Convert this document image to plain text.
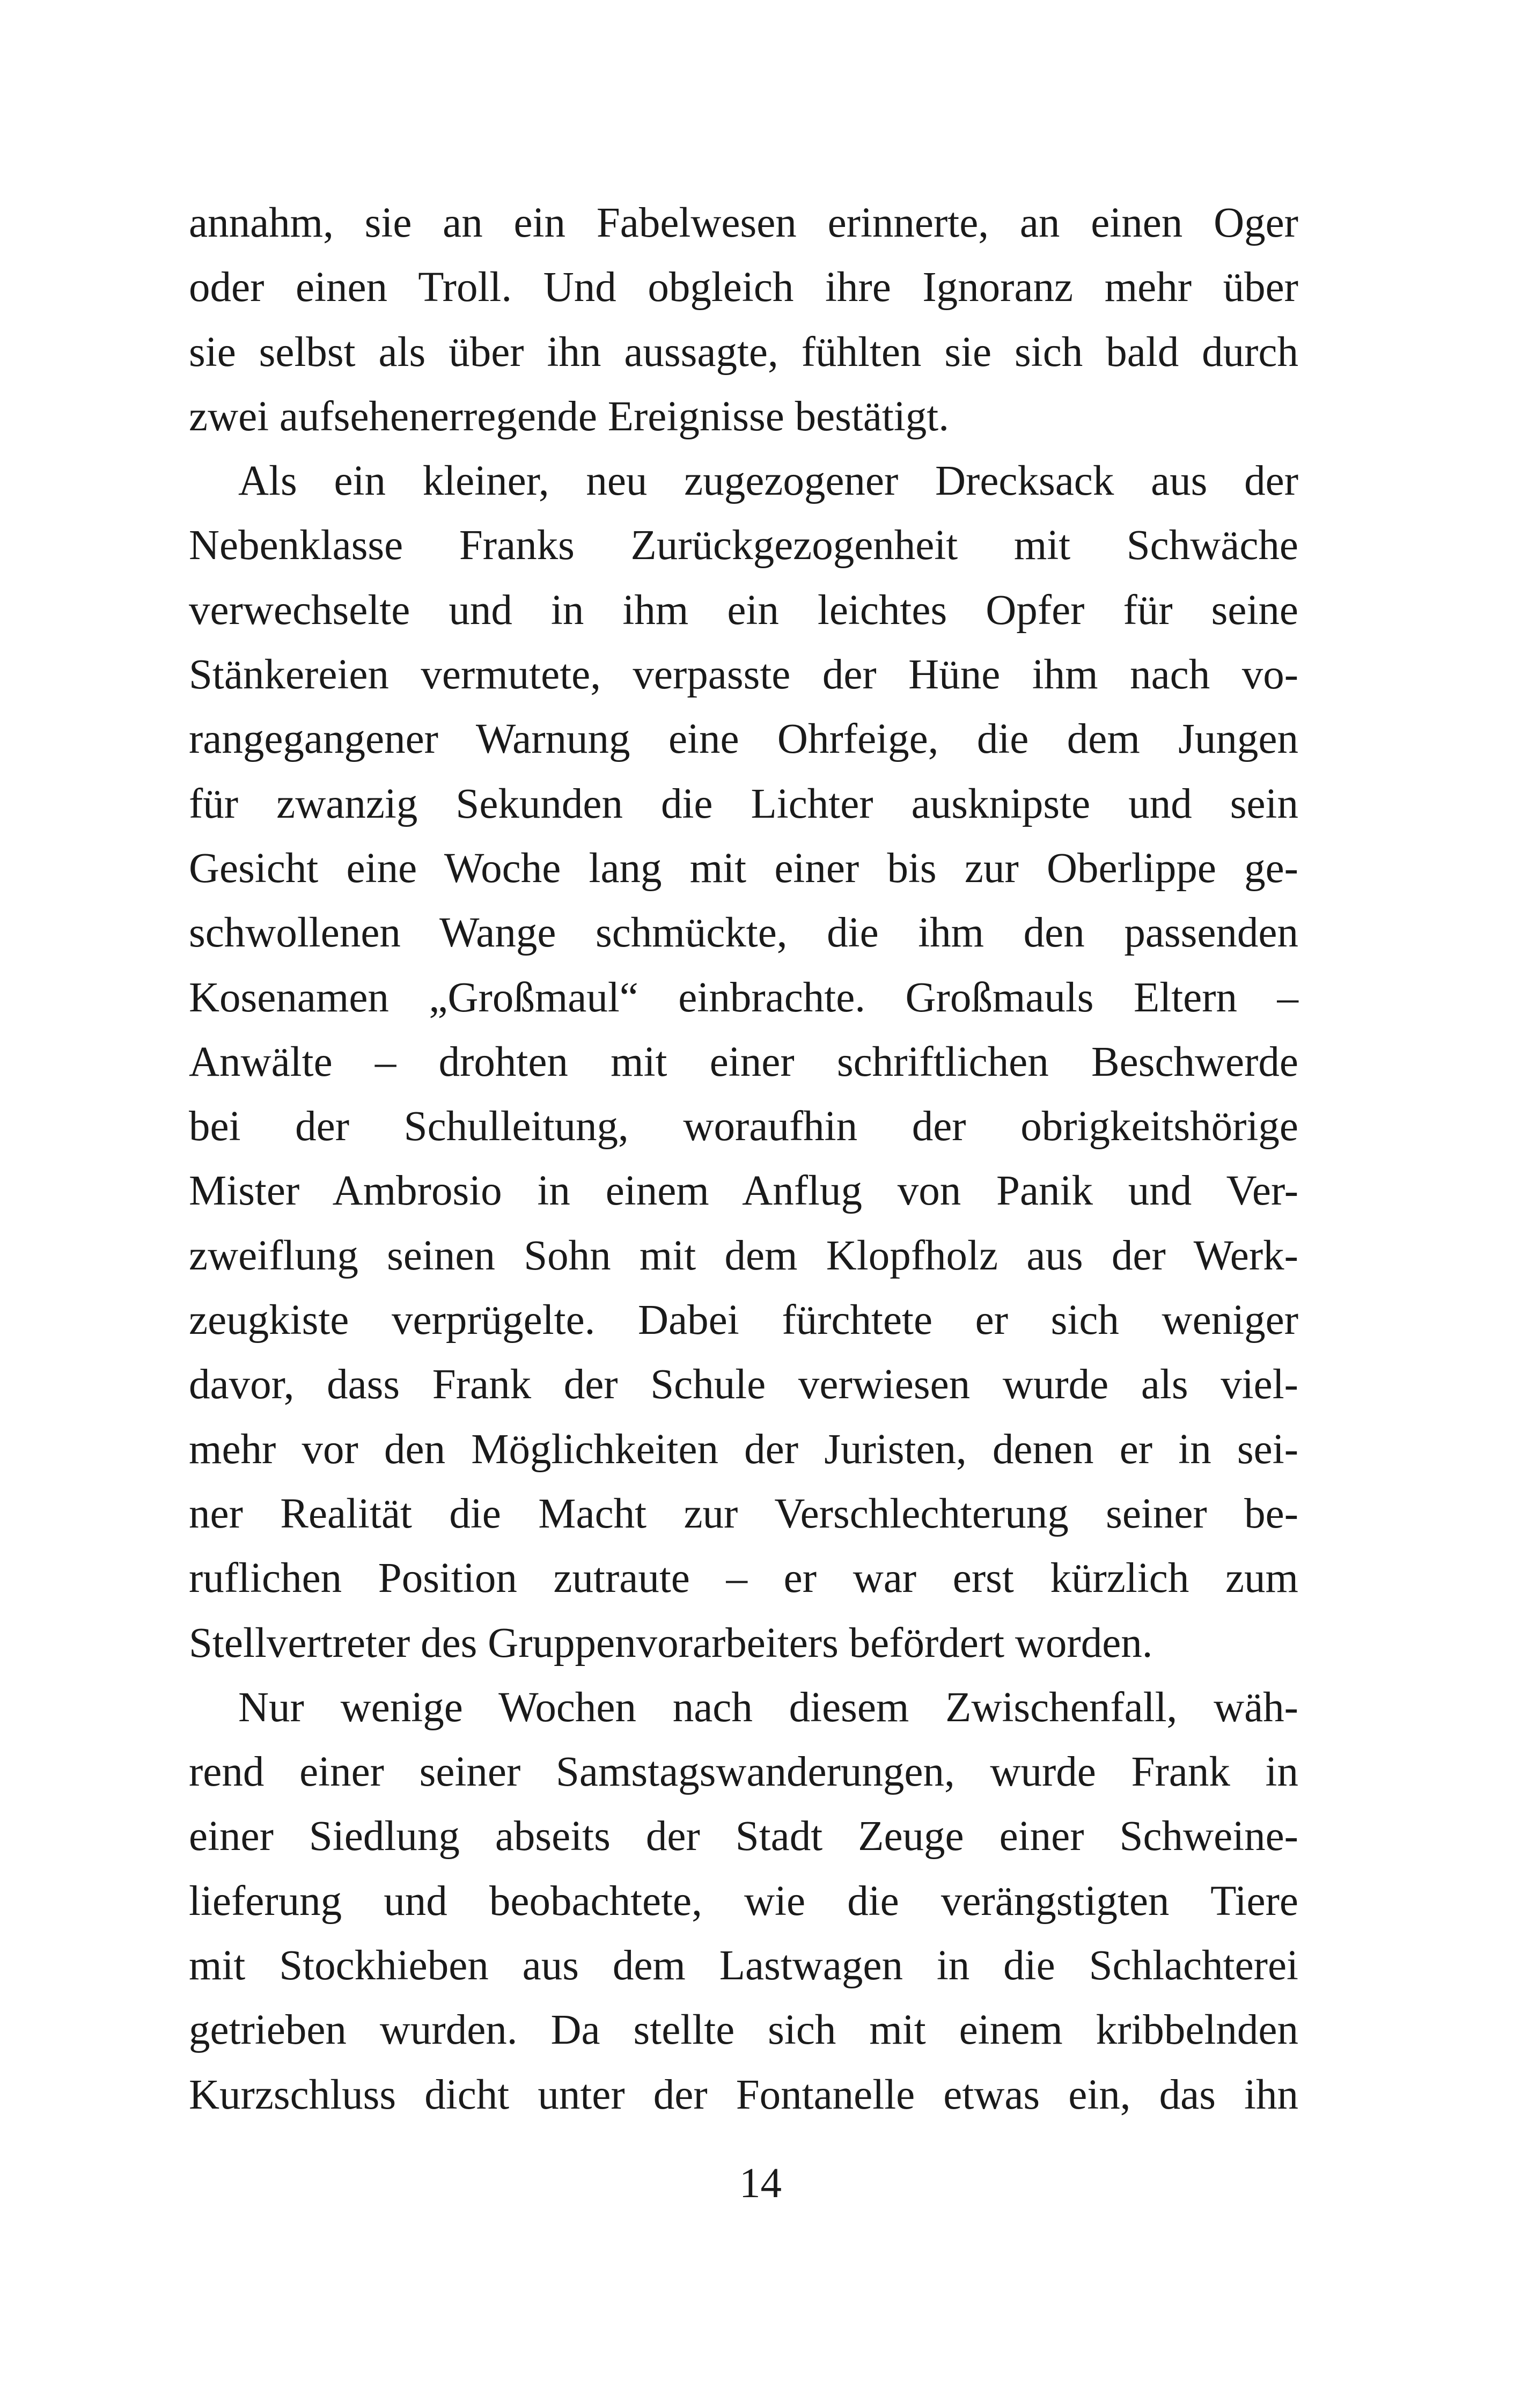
annahm, sie an ein Fabelwesen erinnerte, an einen Oger
oder einen Troll. Und obgleich ihre Ignoranz mehr über
sie selbst als über ihn aussagte, fühlten sie sich bald durch
zwei aufsehenerregende Ereignisse bestätigt.
Als ein kleiner, neu zugezogener Drecksack aus der
Nebenklasse Franks Zurückgezogenheit mit Schwäche
verwechselte und in ihm ein leichtes Opfer für seine
Stänkereien vermutete, verpasste der Hüne ihm nach vo-
rangegangener Warnung eine Ohrfeige, die dem Jungen
für zwanzig Sekunden die Lichter ausknipste und sein
Gesicht eine Woche lang mit einer bis zur Oberlippe ge-
schwollenen Wange schmückte, die ihm den passenden
Kosenamen „Großmaul“ einbrachte. Großmauls Eltern –
Anwälte – drohten mit einer schriftlichen Beschwerde
bei der Schulleitung, woraufhin der obrigkeitshörige
Mister Ambrosio in einem Anflug von Panik und Ver-
zweiflung seinen Sohn mit dem Klopfholz aus der Werk-
zeugkiste verprügelte. Dabei fürchtete er sich weniger
davor, dass Frank der Schule verwiesen wurde als viel-
mehr vor den Möglichkeiten der Juristen, denen er in sei-
ner Realität die Macht zur Verschlechterung seiner be-
ruflichen Position zutraute – er war erst kürzlich zum
Stellvertreter des Gruppenvorarbeiters befördert worden.
Nur wenige Wochen nach diesem Zwischenfall, wäh-
rend einer seiner Samstagswanderungen, wurde Frank in
einer Siedlung abseits der Stadt Zeuge einer Schweine-
lieferung und beobachtete, wie die verängstigten Tiere
mit Stockhieben aus dem Lastwagen in die Schlachterei
getrieben wurden. Da stellte sich mit einem kribbelnden
Kurzschluss dicht unter der Fontanelle etwas ein, das ihn
14
